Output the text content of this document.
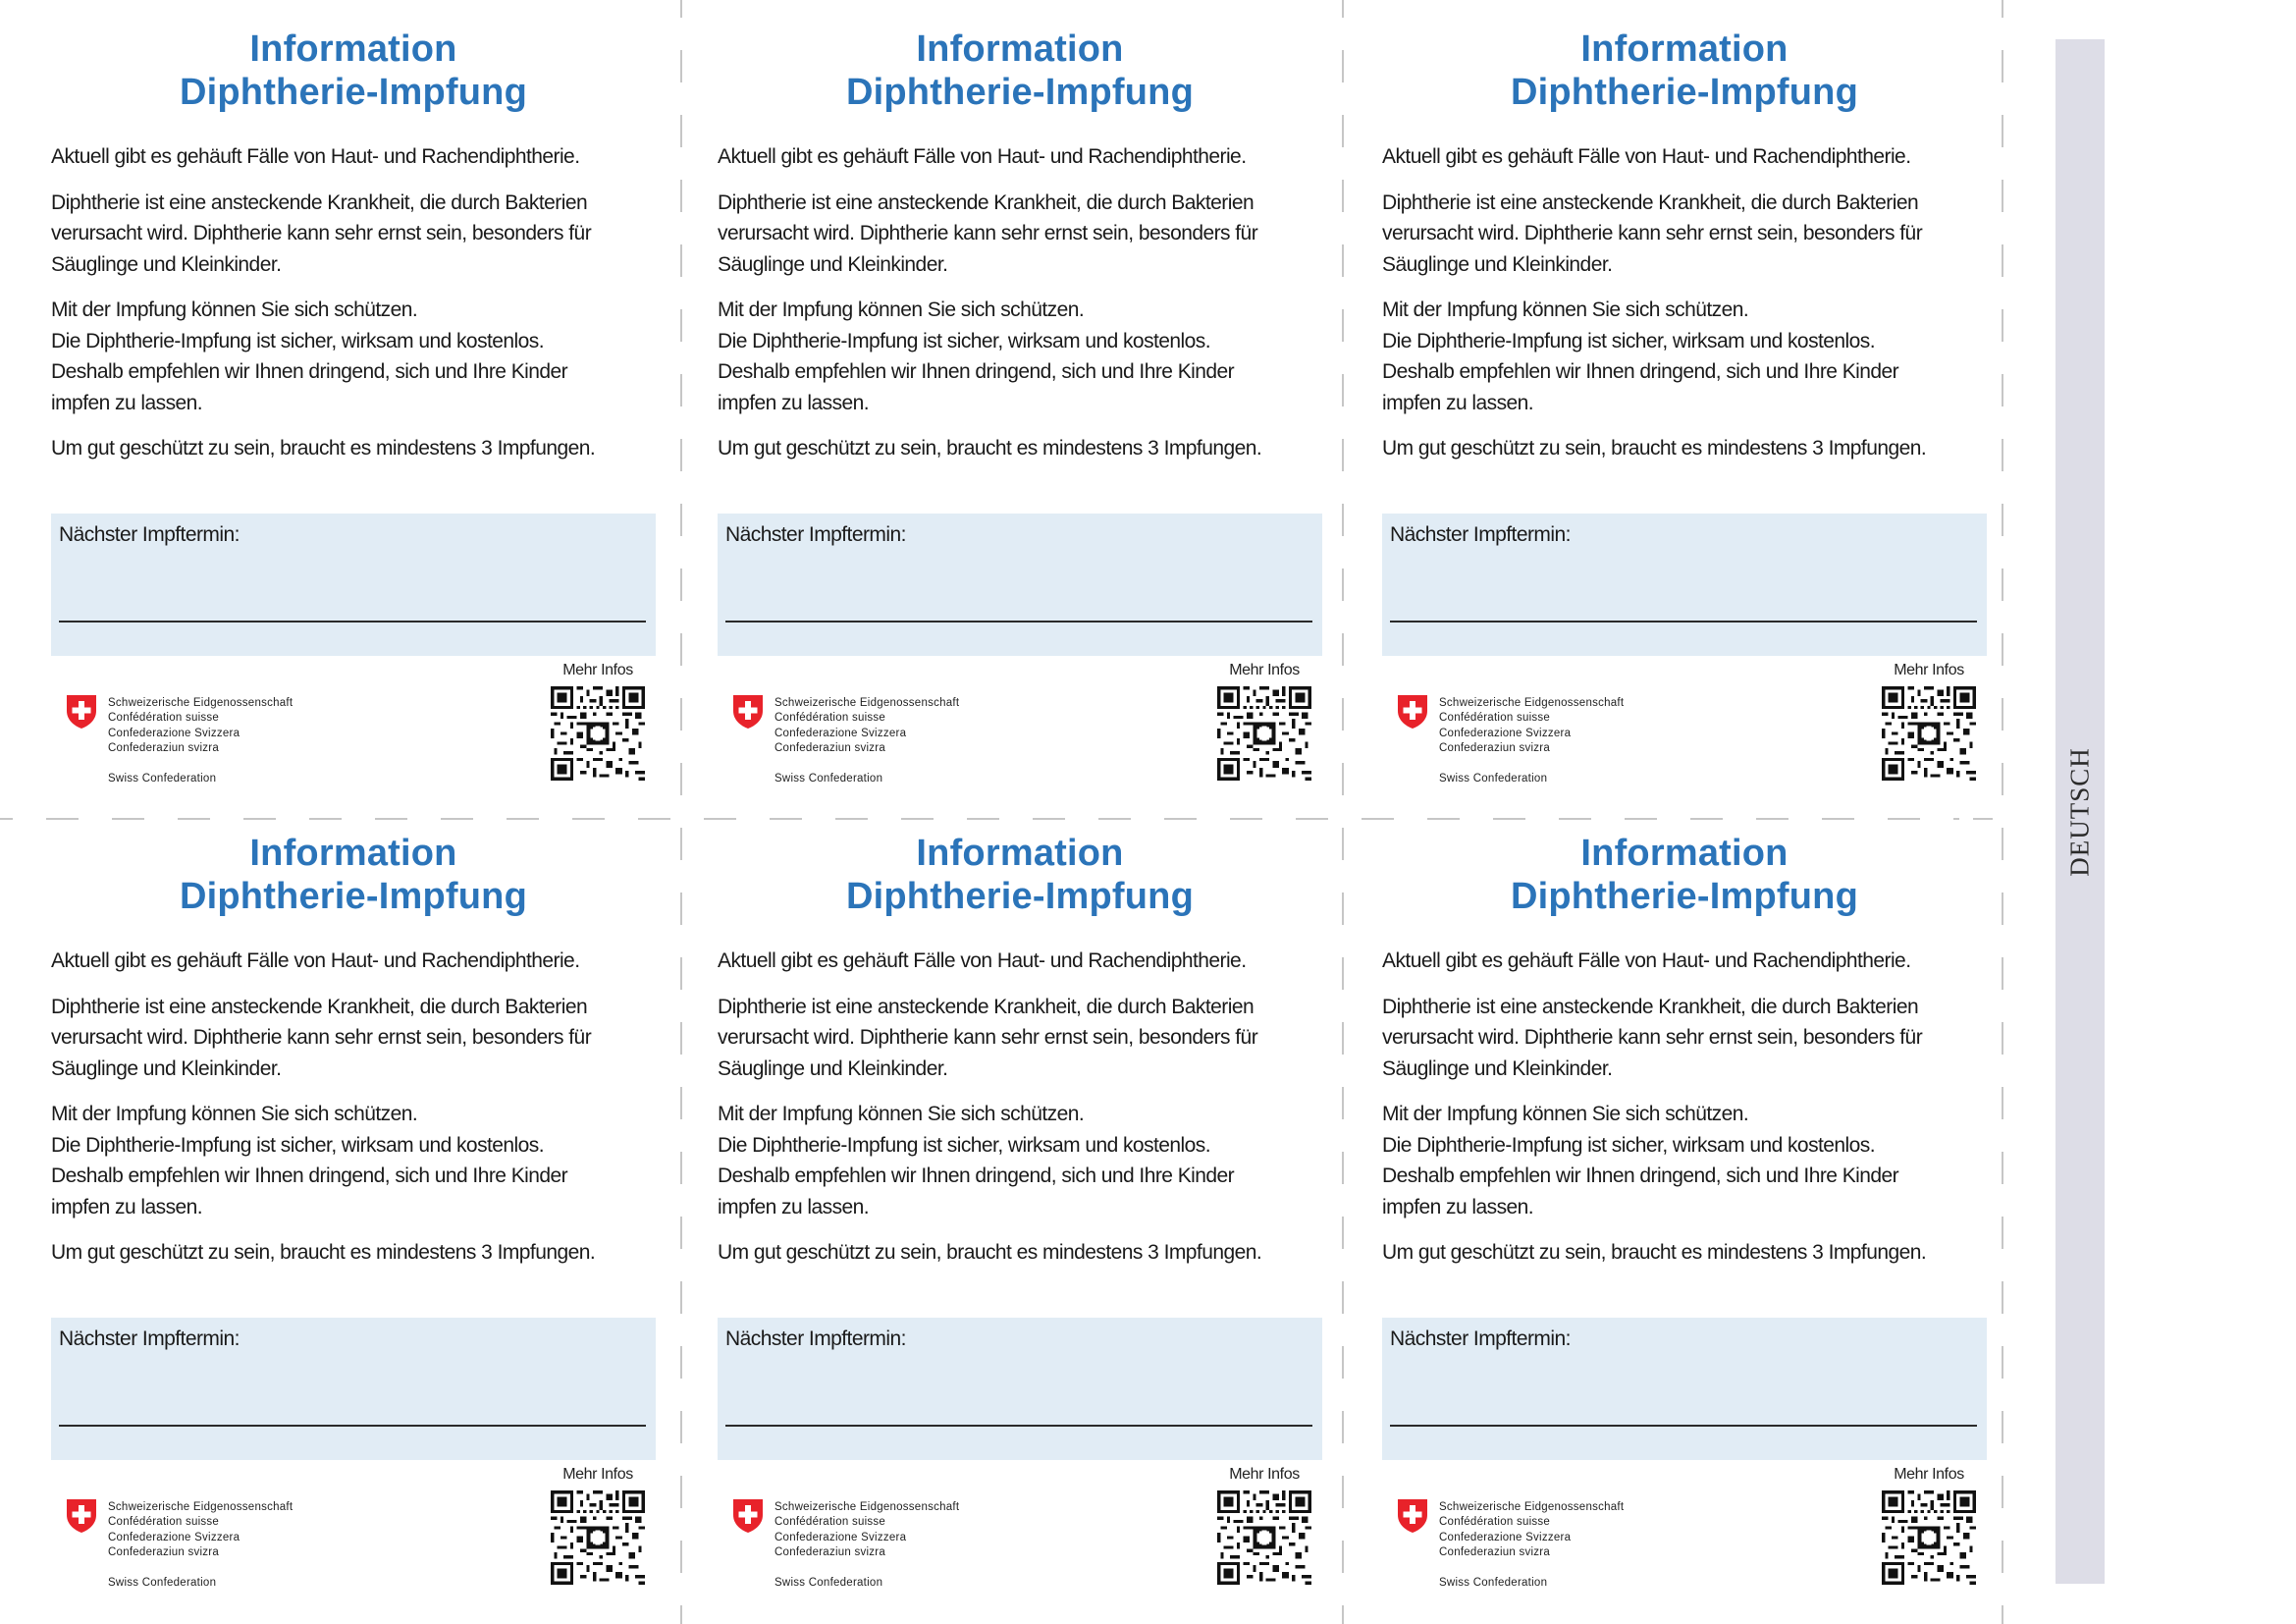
DEUTSCH
Information
Diphtherie-Impfung

Aktuell gibt es gehäuft Fälle von Haut- und Rachendiphtherie.

Diphtherie ist eine ansteckende Krankheit, die durch Bakterien
verursacht wird. Diphtherie kann sehr ernst sein, besonders für
Säuglinge und Kleinkinder.

Mit der Impfung können Sie sich schützen.
Die Diphtherie-Impfung ist sicher, wirksam und kostenlos.
Deshalb empfehlen wir Ihnen dringend, sich und Ihre Kinder
impfen zu lassen.

Um gut geschützt zu sein, braucht es mindestens 3 Impfungen.

Nächster Impftermin:
Schweizerische Eidgenossenschaft
Confédération suisse
Confederazione Svizzera
Confederaziun svizra
Swiss Confederation
Mehr Infos
Information
Diphtherie-Impfung

Aktuell gibt es gehäuft Fälle von Haut- und Rachendiphtherie.

Diphtherie ist eine ansteckende Krankheit, die durch Bakterien
verursacht wird. Diphtherie kann sehr ernst sein, besonders für
Säuglinge und Kleinkinder.

Mit der Impfung können Sie sich schützen.
Die Diphtherie-Impfung ist sicher, wirksam und kostenlos.
Deshalb empfehlen wir Ihnen dringend, sich und Ihre Kinder
impfen zu lassen.

Um gut geschützt zu sein, braucht es mindestens 3 Impfungen.

Nächster Impftermin:
Schweizerische Eidgenossenschaft
Confédération suisse
Confederazione Svizzera
Confederaziun svizra
Swiss Confederation
Mehr Infos
Information
Diphtherie-Impfung

Aktuell gibt es gehäuft Fälle von Haut- und Rachendiphtherie.

Diphtherie ist eine ansteckende Krankheit, die durch Bakterien
verursacht wird. Diphtherie kann sehr ernst sein, besonders für
Säuglinge und Kleinkinder.

Mit der Impfung können Sie sich schützen.
Die Diphtherie-Impfung ist sicher, wirksam und kostenlos.
Deshalb empfehlen wir Ihnen dringend, sich und Ihre Kinder
impfen zu lassen.

Um gut geschützt zu sein, braucht es mindestens 3 Impfungen.

Nächster Impftermin:
Schweizerische Eidgenossenschaft
Confédération suisse
Confederazione Svizzera
Confederaziun svizra
Swiss Confederation
Mehr Infos
Information
Diphtherie-Impfung

Aktuell gibt es gehäuft Fälle von Haut- und Rachendiphtherie.

Diphtherie ist eine ansteckende Krankheit, die durch Bakterien
verursacht wird. Diphtherie kann sehr ernst sein, besonders für
Säuglinge und Kleinkinder.

Mit der Impfung können Sie sich schützen.
Die Diphtherie-Impfung ist sicher, wirksam und kostenlos.
Deshalb empfehlen wir Ihnen dringend, sich und Ihre Kinder
impfen zu lassen.

Um gut geschützt zu sein, braucht es mindestens 3 Impfungen.

Nächster Impftermin:
Schweizerische Eidgenossenschaft
Confédération suisse
Confederazione Svizzera
Confederaziun svizra
Swiss Confederation
Mehr Infos
Information
Diphtherie-Impfung

Aktuell gibt es gehäuft Fälle von Haut- und Rachendiphtherie.

Diphtherie ist eine ansteckende Krankheit, die durch Bakterien
verursacht wird. Diphtherie kann sehr ernst sein, besonders für
Säuglinge und Kleinkinder.

Mit der Impfung können Sie sich schützen.
Die Diphtherie-Impfung ist sicher, wirksam und kostenlos.
Deshalb empfehlen wir Ihnen dringend, sich und Ihre Kinder
impfen zu lassen.

Um gut geschützt zu sein, braucht es mindestens 3 Impfungen.

Nächster Impftermin:
Schweizerische Eidgenossenschaft
Confédération suisse
Confederazione Svizzera
Confederaziun svizra
Swiss Confederation
Mehr Infos
Information
Diphtherie-Impfung

Aktuell gibt es gehäuft Fälle von Haut- und Rachendiphtherie.

Diphtherie ist eine ansteckende Krankheit, die durch Bakterien
verursacht wird. Diphtherie kann sehr ernst sein, besonders für
Säuglinge und Kleinkinder.

Mit der Impfung können Sie sich schützen.
Die Diphtherie-Impfung ist sicher, wirksam und kostenlos.
Deshalb empfehlen wir Ihnen dringend, sich und Ihre Kinder
impfen zu lassen.

Um gut geschützt zu sein, braucht es mindestens 3 Impfungen.

Nächster Impftermin:
Schweizerische Eidgenossenschaft
Confédération suisse
Confederazione Svizzera
Confederaziun svizra
Swiss Confederation
Mehr Infos
